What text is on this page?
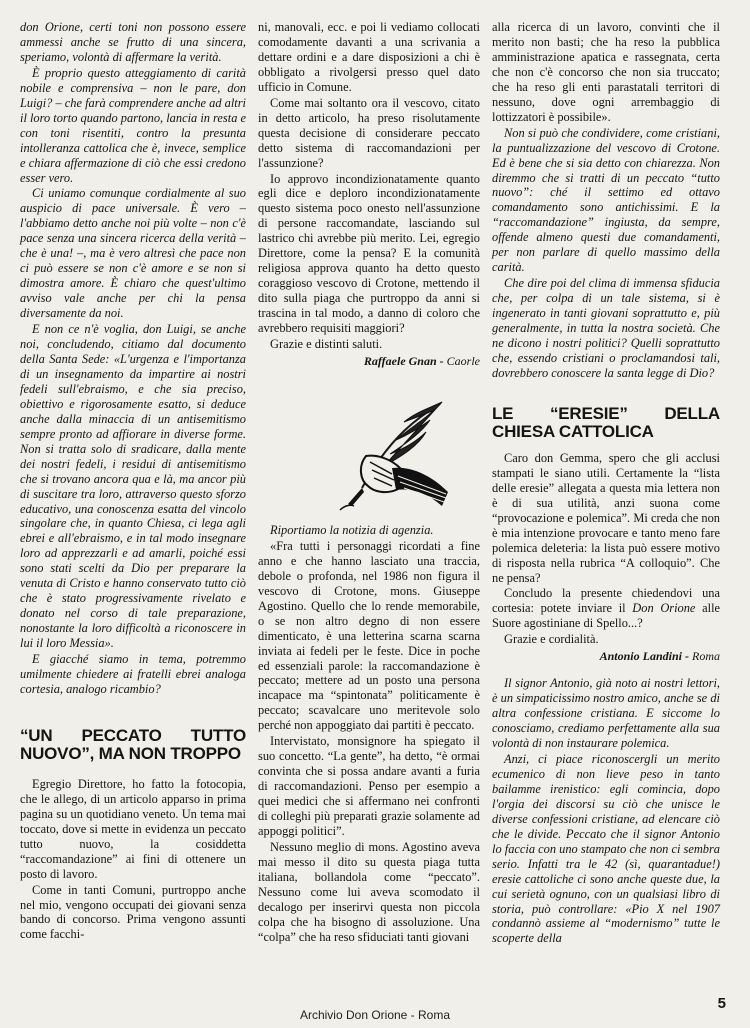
don Orione, certi toni non possono essere ammessi anche se frutto di una sincera, speriamo, volontà di affermare la verità.

È proprio questo atteggiamento di carità nobile e comprensiva – non le pare, don Luigi? – che farà comprendere anche ad altri il loro torto quando partono, lancia in resta e con toni risentiti, contro la presunta intolleranza cattolica che è, invece, semplice e chiara affermazione di ciò che essi credono esser vero.

Ci uniamo comunque cordialmente al suo auspicio di pace universale. È vero – l'abbiamo detto anche noi più volte – non c'è pace senza una sincera ricerca della verità – che è una! –, ma è vero altresì che pace non ci può essere se non c'è amore e se non si dimostra amore. È chiaro che quest'ultimo avviso vale anche per chi la pensa diversamente da noi.

E non ce n'è voglia, don Luigi, se anche noi, concludendo, citiamo dal documento della Santa Sede: «L'urgenza e l'importanza di un insegnamento da impartire ai nostri fedeli sull'ebraismo, e che sia preciso, obiettivo e rigorosamente esatto, si deduce anche dalla minaccia di un antisemitismo sempre pronto ad affiorare in diverse forme. Non si tratta solo di sradicare, dalla mente dei nostri fedeli, i residui di antisemitismo che si trovano ancora qua e là, ma ancor più di suscitare tra loro, attraverso questo sforzo educativo, una conoscenza esatta del vincolo singolare che, in quanto Chiesa, ci lega agli ebrei e all'ebraismo, e in tal modo insegnare loro ad apprezzarli e ad amarli, poiché essi sono stati scelti da Dio per preparare la venuta di Cristo e hanno conservato tutto ciò che è stato progressivamente rivelato e donato nel corso di tale preparazione, nonostante la loro difficoltà a riconoscere in lui il loro Messia».

E giacché siamo in tema, potremmo umilmente chiedere ai fratelli ebrei analoga cortesia, analogo ricambio?

“UN PECCATO TUTTO NUOVO”, MA NON TROPPO

Egregio Direttore, ho fatto la fotocopia, che le allego, di un articolo apparso in prima pagina su un quotidiano veneto. Un tema mai toccato, dove si mette in evidenza un peccato tutto nuovo, la cosiddetta “raccomandazione” ai fini di ottenere un posto di lavoro.

Come in tanti Comuni, purtroppo anche nel mio, vengono occupati dei giovani senza bando di concorso. Prima vengono assunti come facchi-

ni, manovali, ecc. e poi li vediamo collocati comodamente davanti a una scrivania a dettare ordini e a dare disposizioni a chi è obbligato a rivolgersi presso quel dato ufficio in Comune.

Come mai soltanto ora il vescovo, citato in detto articolo, ha preso risolutamente questa decisione di considerare peccato detto sistema di raccomandazioni per l'assunzione?

Io approvo incondizionatamente quanto egli dice e deploro incondizionatamente questo sistema poco onesto nell'assunzione di persone raccomandate, lasciando sul lastrico chi avrebbe più merito. Lei, egregio Direttore, come la pensa? E la comunità religiosa approva quanto ha detto questo coraggioso vescovo di Crotone, mettendo il dito sulla piaga che purtroppo da anni si trascina in tal modo, a danno di coloro che avrebbero requisiti maggiori?

Grazie e distinti saluti.

Raffaele Gnan - Caorle

Riportiamo la notizia di agenzia.

«Fra tutti i personaggi ricordati a fine anno e che hanno lasciato una traccia, debole o profonda, nel 1986 non figura il vescovo di Crotone, mons. Giuseppe Agostino. Quello che lo rende memorabile, o se non altro degno di non essere dimenticato, è una letterina scarna scarna inviata ai fedeli per le feste. Dice in poche ed essenziali parole: la raccomandazione è peccato; mettere ad un posto una persona incapace ma “spintonata” politicamente è peccato; scavalcare uno meritevole solo perché non appoggiato dai partiti è peccato.

Intervistato, monsignore ha spiegato il suo concetto. “La gente”, ha detto, “è ormai convinta che si possa andare avanti a furia di raccomandazioni. Penso per esempio a quei medici che si affermano nei confronti di colleghi più preparati grazie solamente ad appoggi politici”.

Nessuno meglio di mons. Agostino aveva mai messo il dito su questa piaga tutta italiana, bollandola come “peccato”. Nessuno come lui aveva scomodato il decalogo per inserirvi questa non piccola colpa che ha bisogno di assoluzione. Una “colpa” che ha reso sfiduciati tanti giovani

alla ricerca di un lavoro, convinti che il merito non basti; che ha reso la pubblica amministrazione apatica e rassegnata, certa che non c'è concorso che non sia truccato; che ha reso gli enti parastatali territori di nessuno, dove ogni arrembaggio di lottizzatori è possibile».

Non si può che condividere, come cristiani, la puntualizzazione del vescovo di Crotone. Ed è bene che si sia detto con chiarezza. Non diremmo che si tratti di un peccato “tutto nuovo”: ché il settimo ed ottavo comandamento sono antichissimi. E la “raccomandazione” ingiusta, da sempre, offende almeno questi due comandamenti, per non parlare di quello massimo della carità.

Che dire poi del clima di immensa sfiducia che, per colpa di un tale sistema, si è ingenerato in tanti giovani soprattutto e, più generalmente, in tutta la nostra società. Che ne dicono i nostri politici? Quelli soprattutto che, essendo cristiani o proclamandosi tali, dovrebbero conoscere la santa legge di Dio?

LE “ERESIE” DELLA CHIESA CATTOLICA

Caro don Gemma, spero che gli acclusi stampati le siano utili. Certamente la “lista delle eresie” allegata a questa mia lettera non è di sua utilità, anzi suona come “provocazione e polemica”. Mi creda che non è mia intenzione provocare e tanto meno fare polemica deleteria: la lista può essere motivo di risposta nella rubrica “A colloquio”. Che ne pensa?

Concludo la presente chiedendovi una cortesia: potete inviare il Don Orione alle Suore agostiniane di Spello...?

Grazie e cordialità.

Antonio Landini - Roma

Il signor Antonio, già noto ai nostri lettori, è un simpaticissimo nostro amico, anche se di altra confessione cristiana. E siccome lo conosciamo, crediamo perfettamente alla sua volontà di non instaurare polemica.

Anzi, ci piace riconoscergli un merito ecumenico di non lieve peso in tanto bailamme irenistico: egli comincia, dopo l'orgia dei discorsi su ciò che unisce le diverse confessioni cristiane, ad elencare ciò che le divide. Peccato che il signor Antonio lo faccia con uno stampato che non ci sembra serio. Infatti tra le 42 (sì, quarantadue!) eresie cattoliche ci sono anche queste due, la cui serietà ognuno, con un qualsiasi libro di storia, può controllare: «Pio X nel 1907 condannò assieme al “modernismo” tutte le scoperte della

5
Archivio Don Orione - Roma
